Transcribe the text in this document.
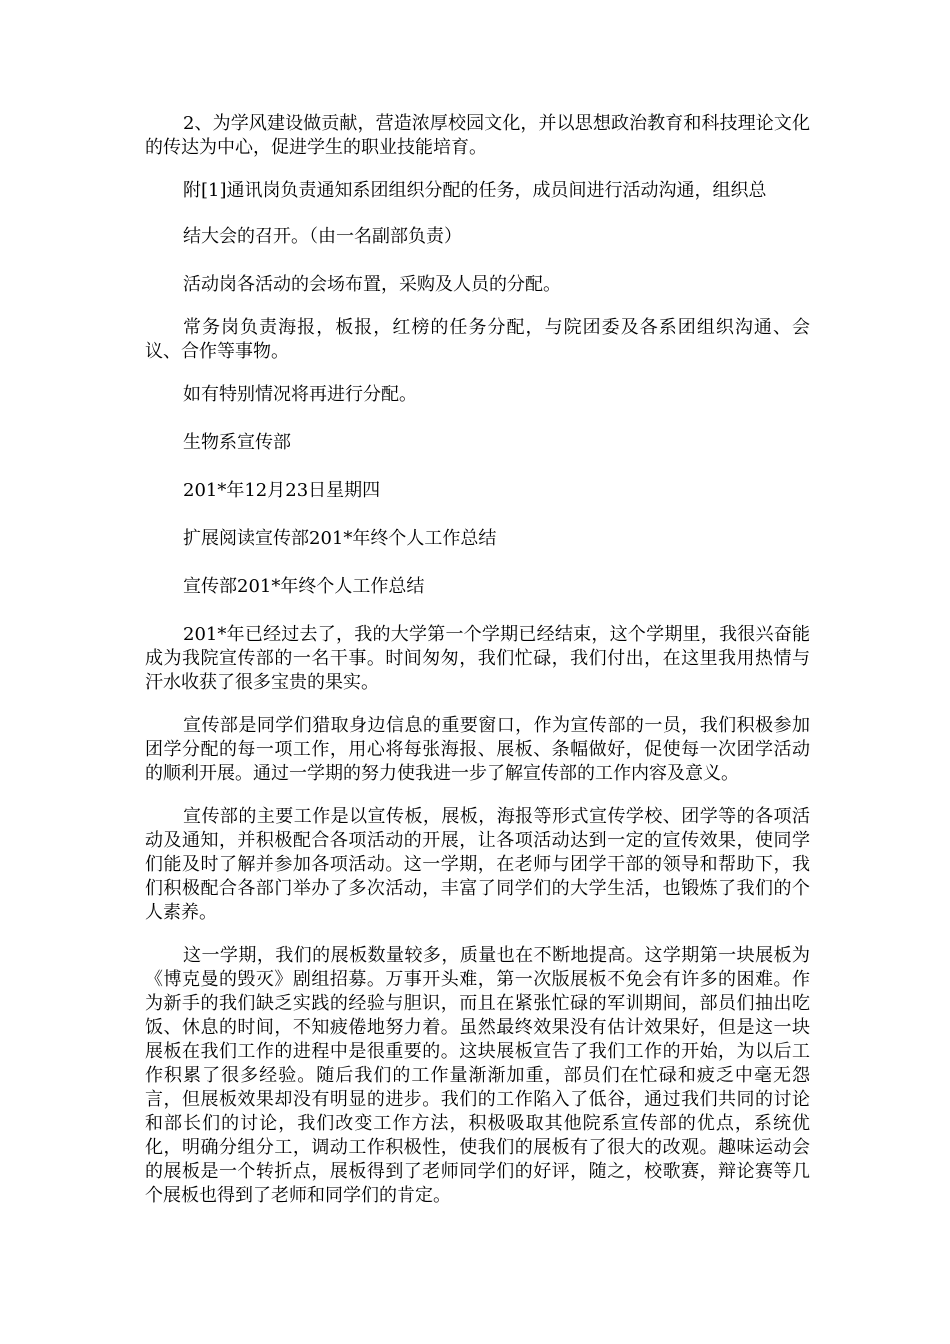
2、为学风建设做贡献，营造浓厚校园文化，并以思想政治教育和科技理论文化的传达为中心，促进学生的职业技能培育。

附[1]通讯岗负责通知系团组织分配的任务，成员间进行活动沟通，组织总

结大会的召开。（由一名副部负责）

活动岗各活动的会场布置，采购及人员的分配。

常务岗负责海报，板报，红榜的任务分配，与院团委及各系团组织沟通、会议、合作等事物。

如有特别情况将再进行分配。

生物系宣传部

201*年12月23日星期四

扩展阅读宣传部201*年终个人工作总结

宣传部201*年终个人工作总结

201*年已经过去了，我的大学第一个学期已经结束，这个学期里，我很兴奋能成为我院宣传部的一名干事。时间匆匆，我们忙碌，我们付出，在这里我用热情与汗水收获了很多宝贵的果实。

宣传部是同学们猎取身边信息的重要窗口，作为宣传部的一员，我们积极参加团学分配的每一项工作，用心将每张海报、展板、条幅做好，促使每一次团学活动的顺利开展。通过一学期的努力使我进一步了解宣传部的工作内容及意义。

宣传部的主要工作是以宣传板，展板，海报等形式宣传学校、团学等的各项活动及通知，并积极配合各项活动的开展，让各项活动达到一定的宣传效果，使同学们能及时了解并参加各项活动。这一学期，在老师与团学干部的领导和帮助下，我们积极配合各部门举办了多次活动，丰富了同学们的大学生活，也锻炼了我们的个人素养。

这一学期，我们的展板数量较多，质量也在不断地提高。这学期第一块展板为《博克曼的毁灭》剧组招募。万事开头难，第一次版展板不免会有许多的困难。作为新手的我们缺乏实践的经验与胆识，而且在紧张忙碌的军训期间，部员们抽出吃饭、休息的时间，不知疲倦地努力着。虽然最终效果没有估计效果好，但是这一块展板在我们工作的进程中是很重要的。这块展板宣告了我们工作的开始，为以后工作积累了很多经验。随后我们的工作量渐渐加重，部员们在忙碌和疲乏中毫无怨言，但展板效果却没有明显的进步。我们的工作陷入了低谷，通过我们共同的讨论和部长们的讨论，我们改变工作方法，积极吸取其他院系宣传部的优点，系统优化，明确分组分工，调动工作积极性，使我们的展板有了很大的改观。趣味运动会的展板是一个转折点，展板得到了老师同学们的好评，随之，校歌赛，辩论赛等几个展板也得到了老师和同学们的肯定。
